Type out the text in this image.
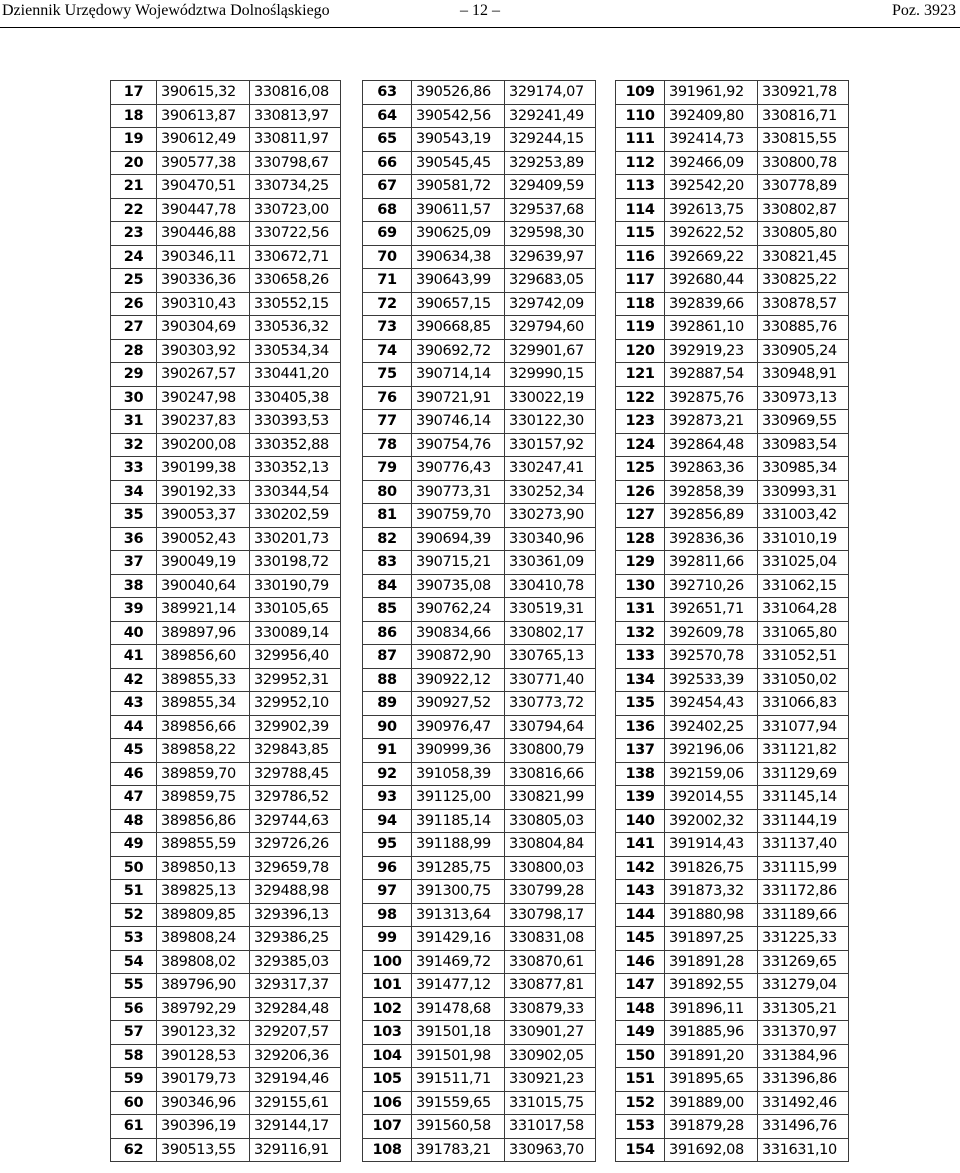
Dziennik Urzędowy Województwa Dolnośląskiego	– 12 –	Poz. 3923
17	390615,32	330816,08
18	390613,87	330813,97
19	390612,49	330811,97
20	390577,38	330798,67
21	390470,51	330734,25
22	390447,78	330723,00
23	390446,88	330722,56
24	390346,11	330672,71
25	390336,36	330658,26
26	390310,43	330552,15
27	390304,69	330536,32
28	390303,92	330534,34
29	390267,57	330441,20
30	390247,98	330405,38
31	390237,83	330393,53
32	390200,08	330352,88
33	390199,38	330352,13
34	390192,33	330344,54
35	390053,37	330202,59
36	390052,43	330201,73
37	390049,19	330198,72
38	390040,64	330190,79
39	389921,14	330105,65
40	389897,96	330089,14
41	389856,60	329956,40
42	389855,33	329952,31
43	389855,34	329952,10
44	389856,66	329902,39
45	389858,22	329843,85
46	389859,70	329788,45
47	389859,75	329786,52
48	389856,86	329744,63
49	389855,59	329726,26
50	389850,13	329659,78
51	389825,13	329488,98
52	389809,85	329396,13
53	389808,24	329386,25
54	389808,02	329385,03
55	389796,90	329317,37
56	389792,29	329284,48
57	390123,32	329207,57
58	390128,53	329206,36
59	390179,73	329194,46
60	390346,96	329155,61
61	390396,19	329144,17
62	390513,55	329116,91
63	390526,86	329174,07
64	390542,56	329241,49
65	390543,19	329244,15
66	390545,45	329253,89
67	390581,72	329409,59
68	390611,57	329537,68
69	390625,09	329598,30
70	390634,38	329639,97
71	390643,99	329683,05
72	390657,15	329742,09
73	390668,85	329794,60
74	390692,72	329901,67
75	390714,14	329990,15
76	390721,91	330022,19
77	390746,14	330122,30
78	390754,76	330157,92
79	390776,43	330247,41
80	390773,31	330252,34
81	390759,70	330273,90
82	390694,39	330340,96
83	390715,21	330361,09
84	390735,08	330410,78
85	390762,24	330519,31
86	390834,66	330802,17
87	390872,90	330765,13
88	390922,12	330771,40
89	390927,52	330773,72
90	390976,47	330794,64
91	390999,36	330800,79
92	391058,39	330816,66
93	391125,00	330821,99
94	391185,14	330805,03
95	391188,99	330804,84
96	391285,75	330800,03
97	391300,75	330799,28
98	391313,64	330798,17
99	391429,16	330831,08
100	391469,72	330870,61
101	391477,12	330877,81
102	391478,68	330879,33
103	391501,18	330901,27
104	391501,98	330902,05
105	391511,71	330921,23
106	391559,65	331015,75
107	391560,58	331017,58
108	391783,21	330963,70
109	391961,92	330921,78
110	392409,80	330816,71
111	392414,73	330815,55
112	392466,09	330800,78
113	392542,20	330778,89
114	392613,75	330802,87
115	392622,52	330805,80
116	392669,22	330821,45
117	392680,44	330825,22
118	392839,66	330878,57
119	392861,10	330885,76
120	392919,23	330905,24
121	392887,54	330948,91
122	392875,76	330973,13
123	392873,21	330969,55
124	392864,48	330983,54
125	392863,36	330985,34
126	392858,39	330993,31
127	392856,89	331003,42
128	392836,36	331010,19
129	392811,66	331025,04
130	392710,26	331062,15
131	392651,71	331064,28
132	392609,78	331065,80
133	392570,78	331052,51
134	392533,39	331050,02
135	392454,43	331066,83
136	392402,25	331077,94
137	392196,06	331121,82
138	392159,06	331129,69
139	392014,55	331145,14
140	392002,32	331144,19
141	391914,43	331137,40
142	391826,75	331115,99
143	391873,32	331172,86
144	391880,98	331189,66
145	391897,25	331225,33
146	391891,28	331269,65
147	391892,55	331279,04
148	391896,11	331305,21
149	391885,96	331370,97
150	391891,20	331384,96
151	391895,65	331396,86
152	391889,00	331492,46
153	391879,28	331496,76
154	391692,08	331631,10
